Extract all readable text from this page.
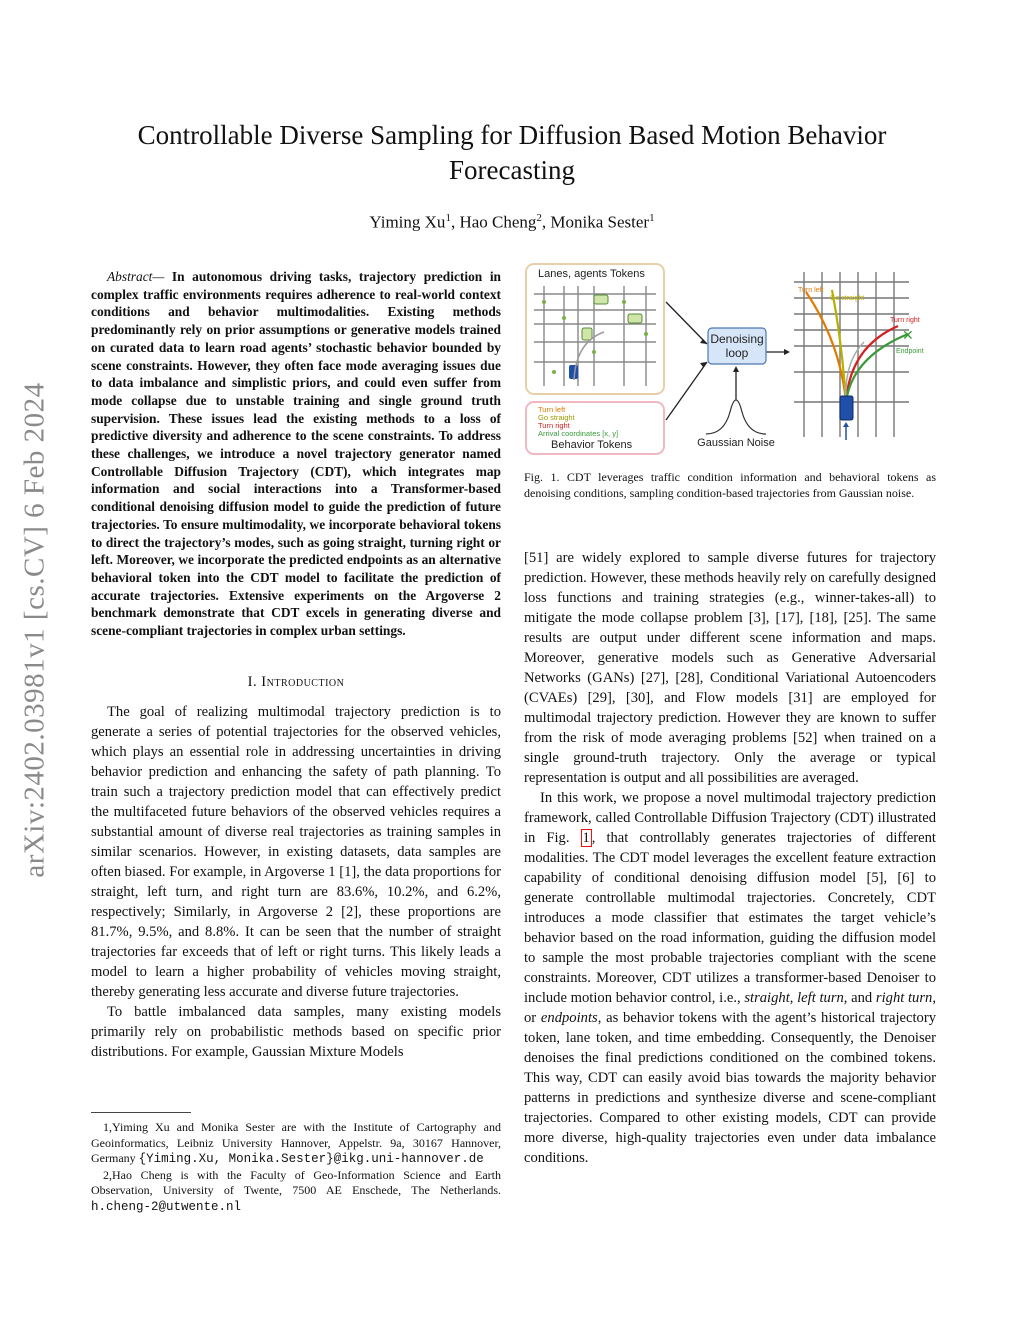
Controllable Diverse Sampling for Diffusion Based Motion Behavior Forecasting
Yiming Xu$^1$, Hao Cheng$^2$, Monika Sester$^1$
arXiv:2402.03981v1 [cs.CV] 6 Feb 2024
Abstract— In autonomous driving tasks, trajectory prediction in complex traffic environments requires adherence to real-world context conditions and behavior multimodalities. Existing methods predominantly rely on prior assumptions or generative models trained on curated data to learn road agents’ stochastic behavior bounded by scene constraints. However, they often face mode averaging issues due to data imbalance and simplistic priors, and could even suffer from mode collapse due to unstable training and single ground truth supervision. These issues lead the existing methods to a loss of predictive diversity and adherence to the scene constraints. To address these challenges, we introduce a novel trajectory generator named Controllable Diffusion Trajectory (CDT), which integrates map information and social interactions into a Transformer-based conditional denoising diffusion model to guide the prediction of future trajectories. To ensure multimodality, we incorporate behavioral tokens to direct the trajectory’s modes, such as going straight, turning right or left. Moreover, we incorporate the predicted endpoints as an alternative behavioral token into the CDT model to facilitate the prediction of accurate trajectories. Extensive experiments on the Argoverse 2 benchmark demonstrate that CDT excels in generating diverse and scene-compliant trajectories in complex urban settings.
I. Introduction

The goal of realizing multimodal trajectory prediction is to generate a series of potential trajectories for the observed vehicles, which plays an essential role in addressing uncertainties in driving behavior prediction and enhancing the safety of path planning. To train such a trajectory prediction model that can effectively predict the multifaceted future behaviors of the observed vehicles requires a substantial amount of diverse real trajectories as training samples in similar scenarios. However, in existing datasets, data samples are often biased. For example, in Argoverse 1 [1], the data proportions for straight, left turn, and right turn are 83.6%, 10.2%, and 6.2%, respectively; Similarly, in Argoverse 2 [2], these proportions are 81.7%, 9.5%, and 8.8%. It can be seen that the number of straight trajectories far exceeds that of left or right turns. This likely leads a model to learn a higher probability of vehicles moving straight, thereby generating less accurate and diverse future trajectories.

To battle imbalanced data samples, many existing models primarily rely on probabilistic methods based on specific prior distributions. For example, Gaussian Mixture Models

1,Yiming Xu and Monika Sester are with the Institute of Cartography and Geoinformatics, Leibniz University Hannover, Appelstr. 9a, 30167 Hannover, Germany {Yiming.Xu, Monika.Sester}@ikg.uni-hannover.de

2,Hao Cheng is with the Faculty of Geo-Information Science and Earth Observation, University of Twente, 7500 AE Enschede, The Netherlands. h.cheng-2@utwente.nl

Lanes, agents Tokens
Turn left
Go straight
Turn right
Arrival coordinates [x, y]
Behavior Tokens
Denoising
loop
Gaussian Noise
✕
Turn left
Go straight
Turn right
Endpoint
Fig. 1. CDT leverages traffic condition information and behavioral tokens as denoising conditions, sampling condition-based trajectories from Gaussian noise.

[51] are widely explored to sample diverse futures for trajectory prediction. However, these methods heavily rely on carefully designed loss functions and training strategies (e.g., winner-takes-all) to mitigate the mode collapse problem [3], [17], [18], [25]. The same results are output under different scene information and maps. Moreover, generative models such as Generative Adversarial Networks (GANs) [27], [28], Conditional Variational Autoencoders (CVAEs) [29], [30], and Flow models [31] are employed for multimodal trajectory prediction. However they are known to suffer from the risk of mode averaging problems [52] when trained on a single ground-truth trajectory. Only the average or typical representation is output and all possibilities are averaged.

In this work, we propose a novel multimodal trajectory prediction framework, called Controllable Diffusion Trajectory (CDT) illustrated in Fig. 1 , that controllably generates trajectories of different modalities. The CDT model leverages the excellent feature extraction capability of conditional denoising diffusion model [5], [6] to generate controllable multimodal trajectories. Concretely, CDT introduces a mode classifier that estimates the target vehicle’s behavior based on the road information, guiding the diffusion model to sample the most probable trajectories compliant with the scene constraints. Moreover, CDT utilizes a transformer-based Denoiser to include motion behavior control, i.e., straight, left turn, and right turn, or endpoints, as behavior tokens with the agent’s historical trajectory token, lane token, and time embedding. Consequently, the Denoiser denoises the final predictions conditioned on the combined tokens. This way, CDT can easily avoid bias towards the majority behavior patterns in predictions and synthesize diverse and scene-compliant trajectories. Compared to other existing models, CDT can provide more diverse, high-quality trajectories even under data imbalance conditions.
